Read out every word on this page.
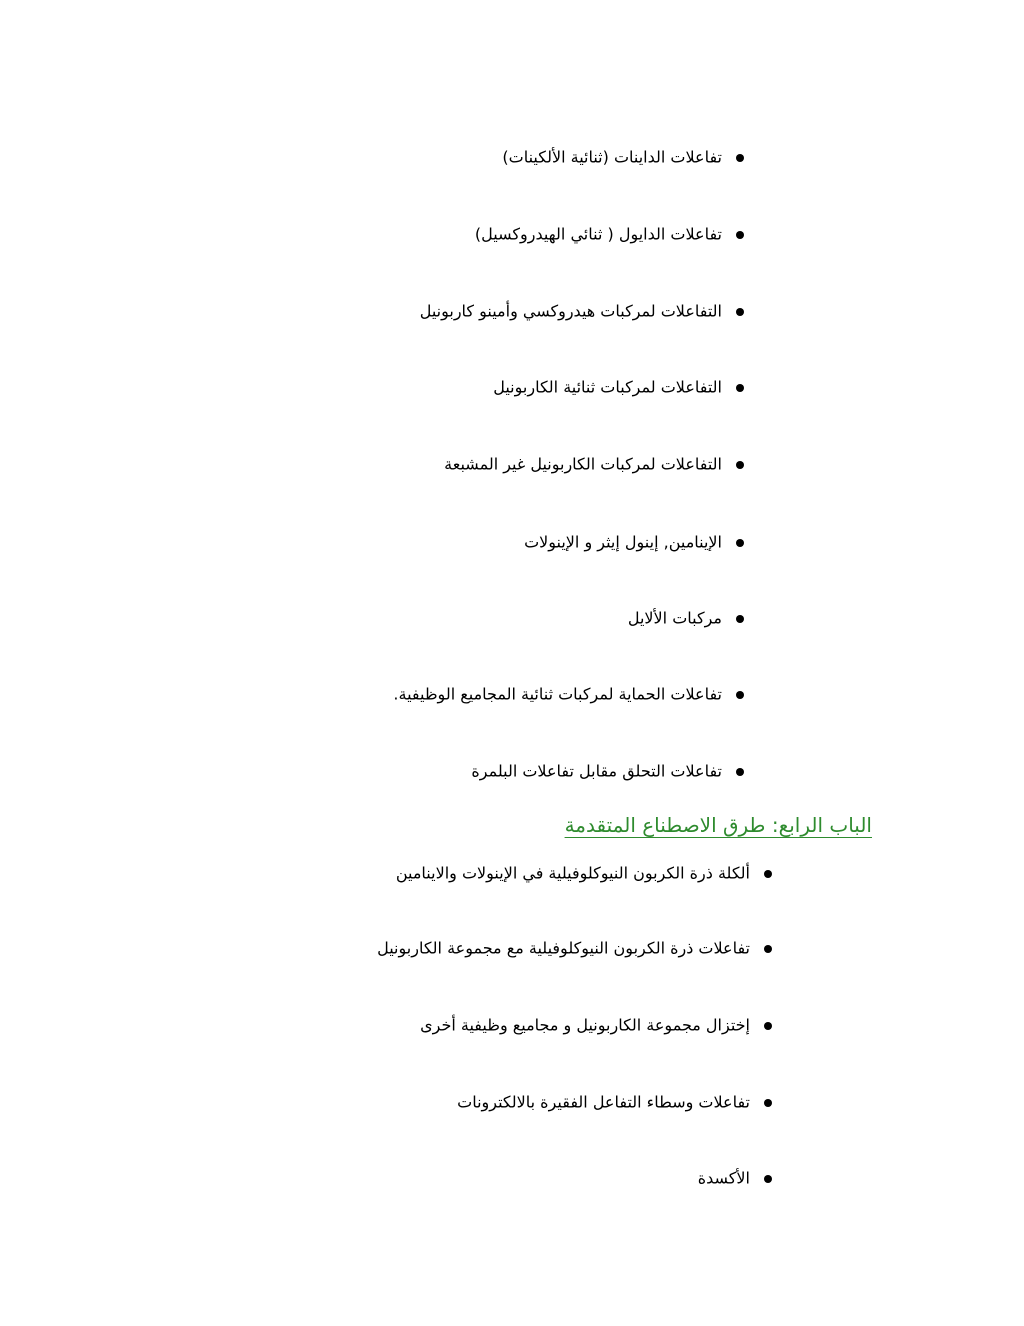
تفاعلات الداينات (ثنائية الألكينات)
تفاعلات الدايول ( ثنائي الهيدروكسيل)
التفاعلات لمركبات هيدروكسي وأمينو كاربونيل
التفاعلات لمركبات ثنائية الكاربونيل
التفاعلات لمركبات الكاربونيل غير المشبعة
الإينامين, إينول إيثر و الإينولات
مركبات الألايل
تفاعلات الحماية لمركبات ثنائية المجاميع الوظيفية.
تفاعلات التحلق مقابل تفاعلات البلمرة
الباب الرابع: طرق الاصطناع المتقدمة
ألكلة ذرة الكربون النيوكلوفيلية في الإينولات والاينامين
تفاعلات ذرة الكربون النيوكلوفيلية مع مجموعة الكاربونيل
إختزال مجموعة الكاربونيل و مجاميع وظيفية أخرى
تفاعلات وسطاء التفاعل الفقيرة بالالكترونات
الأكسدة
